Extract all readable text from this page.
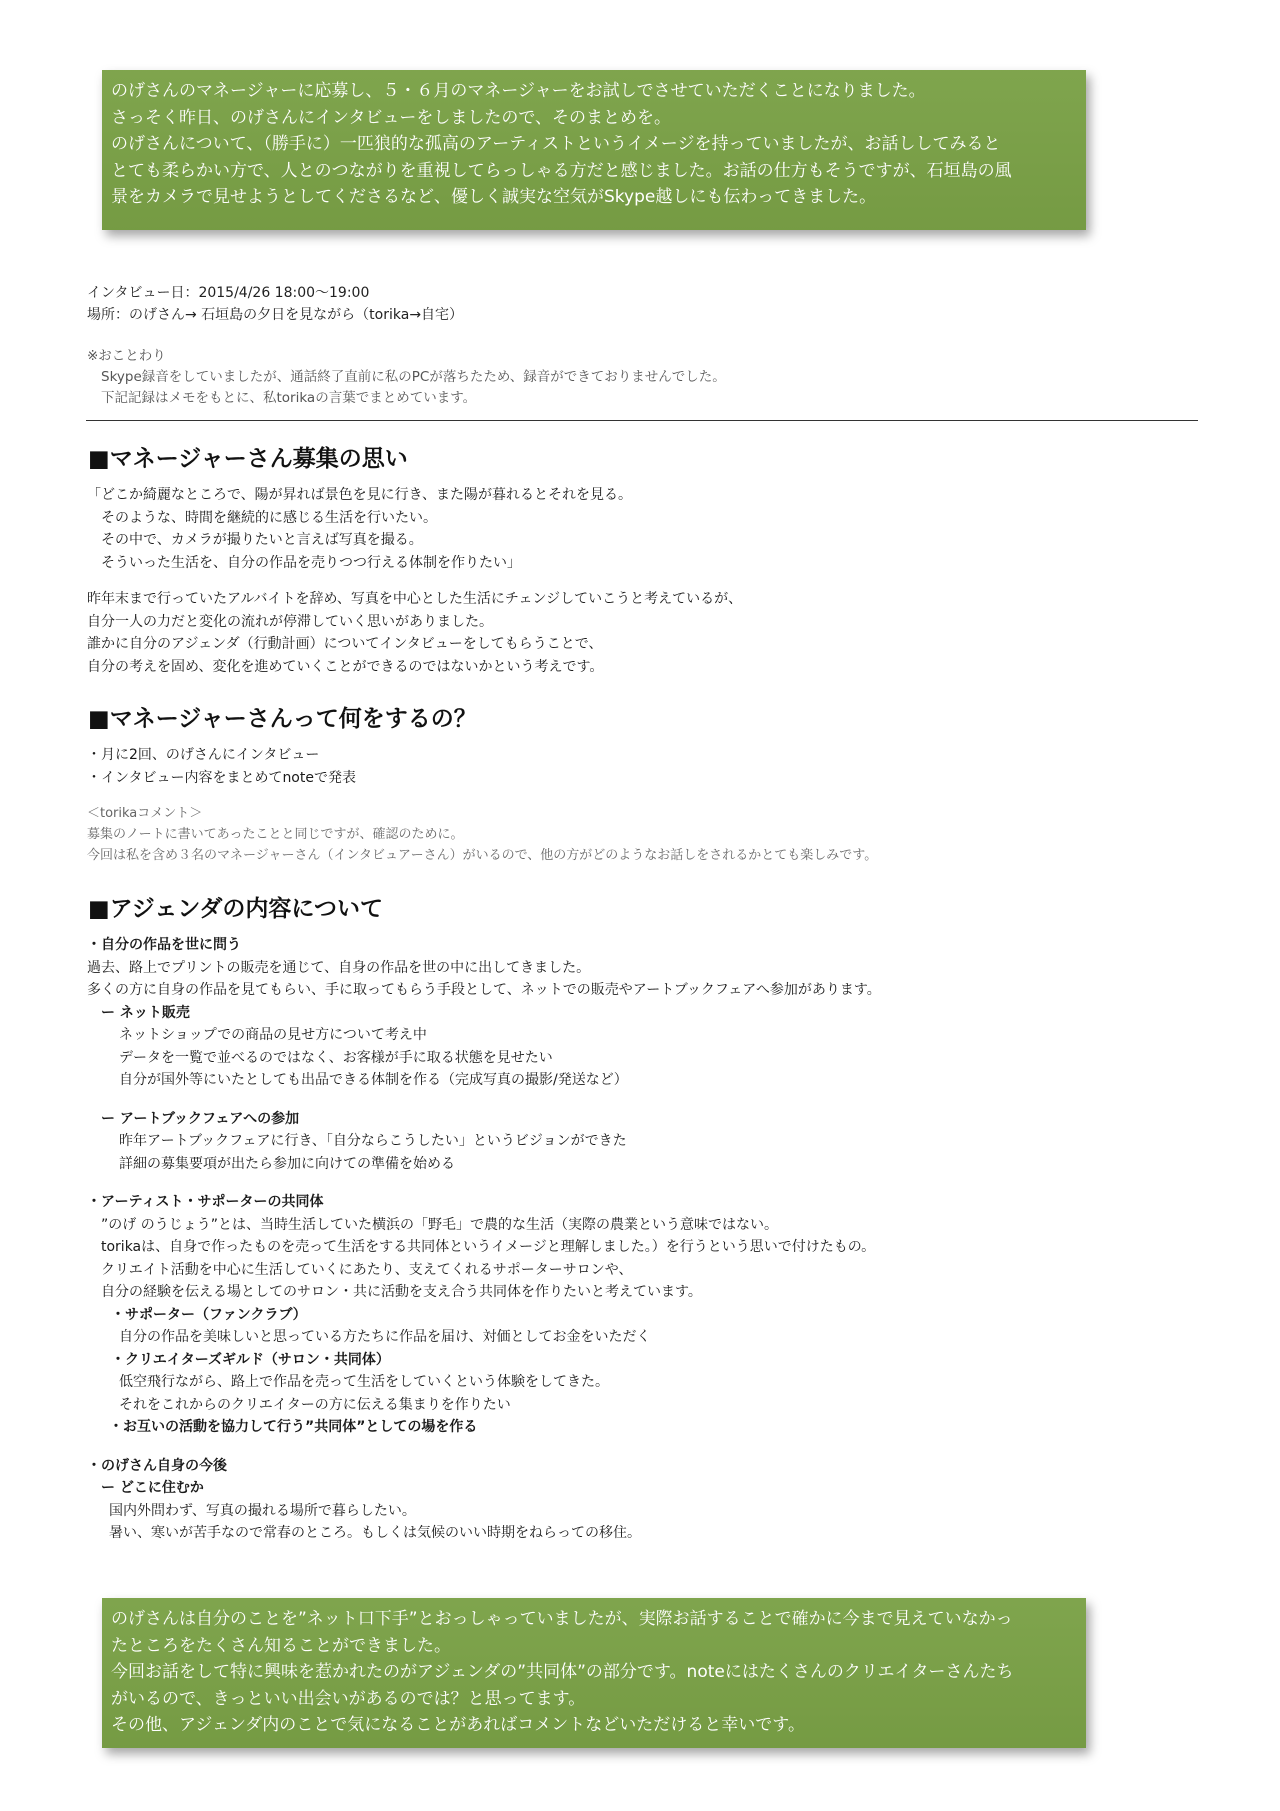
のげさんのマネージャーに応募し、５・６月のマネージャーをお試しでさせていただくことになりました。

さっそく昨日、のげさんにインタビューをしましたので、そのまとめを。

のげさんについて、（勝手に）一匹狼的な孤高のアーティストというイメージを持っていましたが、お話ししてみると

とても柔らかい方で、人とのつながりを重視してらっしゃる方だと感じました。お話の仕方もそうですが、石垣島の風

景をカメラで見せようとしてくださるなど、優しく誠実な空気がSkype越しにも伝わってきました。

インタビュー日：2015/4/26 18:00〜19:00
場所：のげさん→ 石垣島の夕日を見ながら（torika→自宅）
※おことわり
Skype録音をしていましたが、通話終了直前に私のPCが落ちたため、録音ができておりませんでした。
下記記録はメモをもとに、私torikaの言葉でまとめています。
■マネージャーさん募集の思い

「どこか綺麗なところで、陽が昇れば景色を見に行き、また陽が暮れるとそれを見る。

そのような、時間を継続的に感じる生活を行いたい。

その中で、カメラが撮りたいと言えば写真を撮る。

そういった生活を、自分の作品を売りつつ行える体制を作りたい」

昨年末まで行っていたアルバイトを辞め、写真を中心とした生活にチェンジしていこうと考えているが、

自分一人の力だと変化の流れが停滞していく思いがありました。

誰かに自分のアジェンダ（行動計画）についてインタビューをしてもらうことで、

自分の考えを固め、変化を進めていくことができるのではないかという考えです。

■マネージャーさんって何をするの？

・月に2回、のげさんにインタビュー

・インタビュー内容をまとめてnoteで発表

＜torikaコメント＞

募集のノートに書いてあったことと同じですが、確認のために。

今回は私を含め３名のマネージャーさん（インタビュアーさん）がいるので、他の方がどのようなお話しをされるかとても楽しみです。

■アジェンダの内容について

・自分の作品を世に問う

過去、路上でプリントの販売を通じて、自身の作品を世の中に出してきました。

多くの方に自身の作品を見てもらい、手に取ってもらう手段として、ネットでの販売やアートブックフェアへ参加があります。

ー ネット販売

ネットショップでの商品の見せ方について考え中

データを一覧で並べるのではなく、お客様が手に取る状態を見せたい

自分が国外等にいたとしても出品できる体制を作る（完成写真の撮影/発送など）

ー アートブックフェアへの参加

昨年アートブックフェアに行き、「自分ならこうしたい」というビジョンができた

詳細の募集要項が出たら参加に向けての準備を始める

・アーティスト・サポーターの共同体

”のげ のうじょう”とは、当時生活していた横浜の「野毛」で農的な生活（実際の農業という意味ではない。

torikaは、自身で作ったものを売って生活をする共同体というイメージと理解しました。）を行うという思いで付けたもの。

クリエイト活動を中心に生活していくにあたり、支えてくれるサポーターサロンや、

自分の経験を伝える場としてのサロン・共に活動を支え合う共同体を作りたいと考えています。

・サポーター（ファンクラブ）

自分の作品を美味しいと思っている方たちに作品を届け、対価としてお金をいただく

・クリエイターズギルド（サロン・共同体）

低空飛行ながら、路上で作品を売って生活をしていくという体験をしてきた。

それをこれからのクリエイターの方に伝える集まりを作りたい

・お互いの活動を協力して行う”共同体”としての場を作る

・のげさん自身の今後

ー どこに住むか

国内外問わず、写真の撮れる場所で暮らしたい。

暑い、寒いが苦手なので常春のところ。もしくは気候のいい時期をねらっての移住。

のげさんは自分のことを”ネット口下手”とおっしゃっていましたが、実際お話することで確かに今まで見えていなかっ

たところをたくさん知ることができました。

今回お話をして特に興味を惹かれたのがアジェンダの”共同体”の部分です。noteにはたくさんのクリエイターさんたち

がいるので、きっといい出会いがあるのでは？と思ってます。

その他、アジェンダ内のことで気になることがあればコメントなどいただけると幸いです。
